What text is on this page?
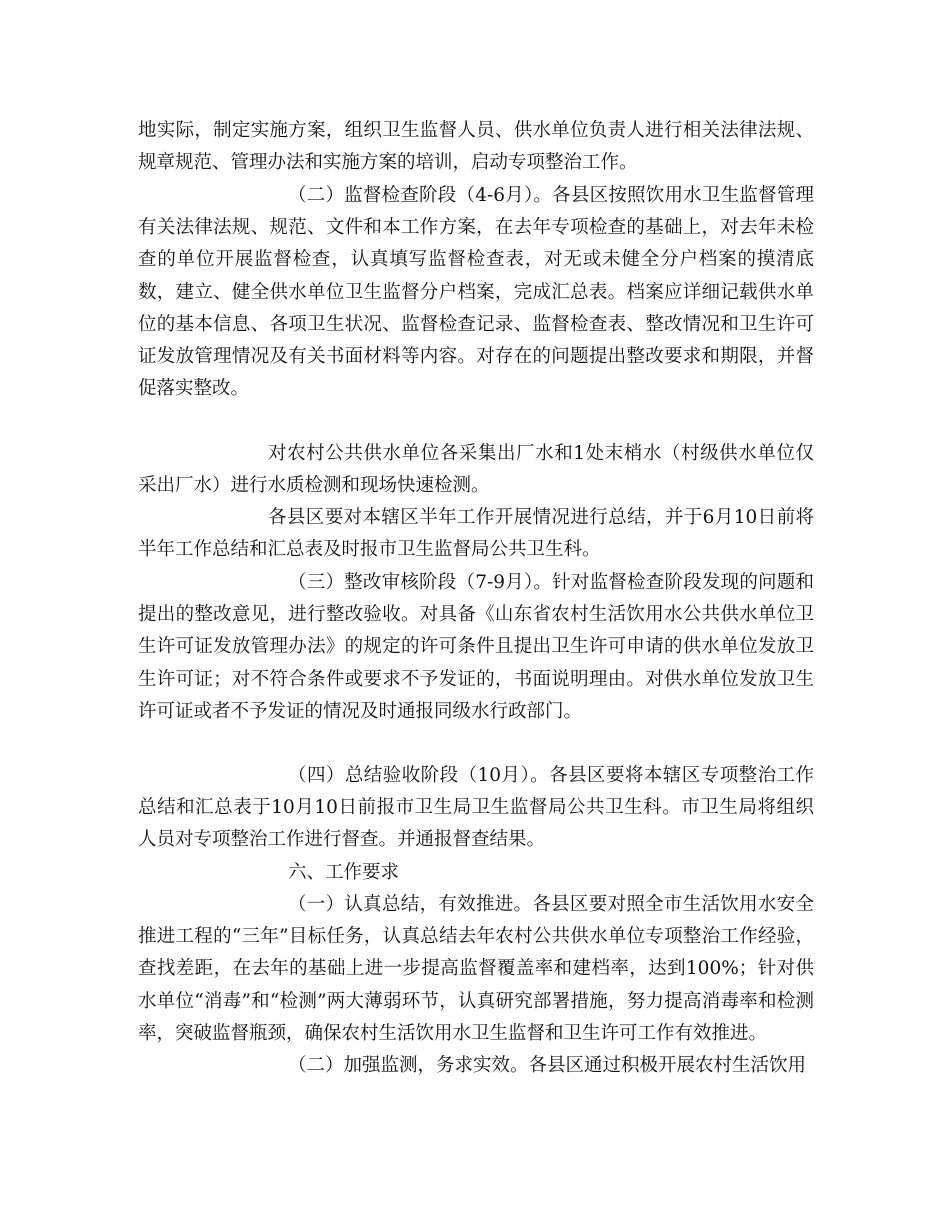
地实际，制定实施方案，组织卫生监督人员、供水单位负责人进行相关法律法规、规章规范、管理办法和实施方案的培训，启动专项整治工作。

（二）监督检查阶段（4-6月）。各县区按照饮用水卫生监督管理有关法律法规、规范、文件和本工作方案，在去年专项检查的基础上，对去年未检查的单位开展监督检查，认真填写监督检查表，对无或未健全分户档案的摸清底数，建立、健全供水单位卫生监督分户档案，完成汇总表。档案应详细记载供水单位的基本信息、各项卫生状况、监督检查记录、监督检查表、整改情况和卫生许可证发放管理情况及有关书面材料等内容。对存在的问题提出整改要求和期限，并督促落实整改。

对农村公共供水单位各采集出厂水和1处末梢水（村级供水单位仅采出厂水）进行水质检测和现场快速检测。

各县区要对本辖区半年工作开展情况进行总结，并于6月10日前将半年工作总结和汇总表及时报市卫生监督局公共卫生科。

（三）整改审核阶段（7-9月）。针对监督检查阶段发现的问题和提出的整改意见，进行整改验收。对具备《山东省农村生活饮用水公共供水单位卫生许可证发放管理办法》的规定的许可条件且提出卫生许可申请的供水单位发放卫生许可证；对不符合条件或要求不予发证的，书面说明理由。对供水单位发放卫生许可证或者不予发证的情况及时通报同级水行政部门。

（四）总结验收阶段（10月）。各县区要将本辖区专项整治工作总结和汇总表于10月10日前报市卫生局卫生监督局公共卫生科。市卫生局将组织人员对专项整治工作进行督查。并通报督查结果。

六、工作要求

（一）认真总结，有效推进。各县区要对照全市生活饮用水安全推进工程的“三年”目标任务，认真总结去年农村公共供水单位专项整治工作经验，查找差距，在去年的基础上进一步提高监督覆盖率和建档率，达到100%；针对供水单位“消毒”和“检测”两大薄弱环节，认真研究部署措施，努力提高消毒率和检测率，突破监督瓶颈，确保农村生活饮用水卫生监督和卫生许可工作有效推进。

（二）加强监测，务求实效。各县区通过积极开展农村生活饮用
